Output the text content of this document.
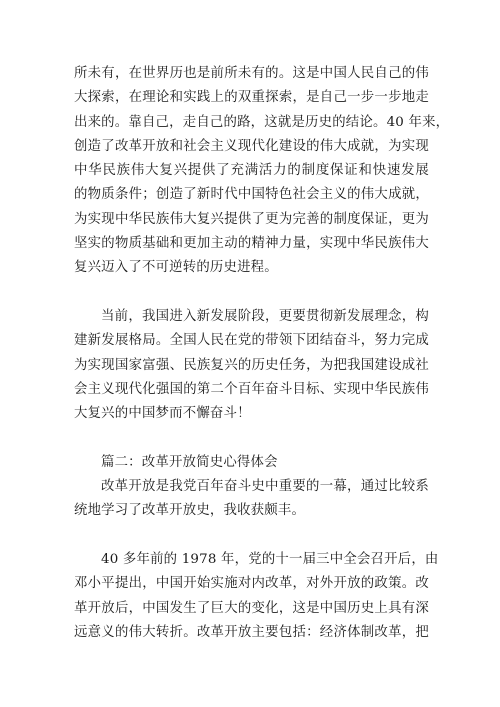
所未有，在世界历也是前所未有的。这是中国人民自己的伟
大探索，在理论和实践上的双重探索，是自己一步一步地走
出来的。靠自己，走自己的路，这就是历史的结论。40 年来，
创造了改革开放和社会主义现代化建设的伟大成就，为实现
中华民族伟大复兴提供了充满活力的制度保证和快速发展
的物质条件；创造了新时代中国特色社会主义的伟大成就，
为实现中华民族伟大复兴提供了更为完善的制度保证，更为
坚实的物质基础和更加主动的精神力量，实现中华民族伟大
复兴迈入了不可逆转的历史进程。
当前，我国进入新发展阶段，更要贯彻新发展理念，构
建新发展格局。全国人民在党的带领下团结奋斗，努力完成
为实现国家富强、民族复兴的历史任务，为把我国建设成社
会主义现代化强国的第二个百年奋斗目标、实现中华民族伟
大复兴的中国梦而不懈奋斗！
篇二：改革开放简史心得体会
改革开放是我党百年奋斗史中重要的一幕，通过比较系
统地学习了改革开放史，我收获颇丰。
40 多年前的 1978 年，党的十一届三中全会召开后，由
邓小平提出，中国开始实施对内改革，对外开放的政策。改
革开放后，中国发生了巨大的变化，这是中国历史上具有深
远意义的伟大转折。改革开放主要包括：经济体制改革，把
